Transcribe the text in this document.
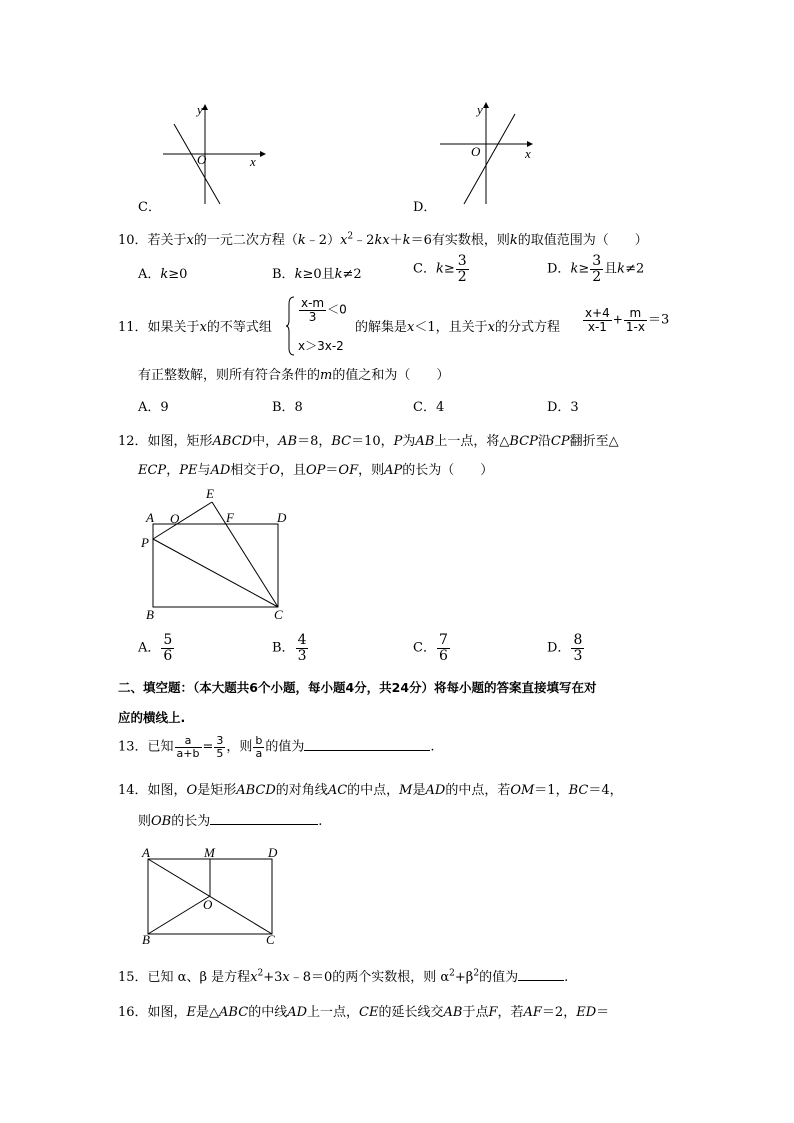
y
x
O
C．
y
x
O
D．
10．若关于x的一元二次方程$(k﹣2)x^2﹣2kx+k=6$有实数根，则k的取值范围为（　　）
A．k≥0	B．k≥0且k≠2	C．$k\ge \frac{3}{2}$	D．$k\ge \frac{3}{2}$ 且k≠2
11．如果关于x的不等式组
$\frac{x-m}{3} <0$
x＞3x-2
的解集是x＜1，且关于x的分式方程 $\frac{x+4}{x-1} + \frac{m}{1-x} =3$
有正整数解，则所有符合条件的m的值之和为（　　）
A．9	B．8	C．4	D．3
12．如图，矩形ABCD中，AB＝8，BC＝10，P为AB上一点，将△BCP沿CP翻折至△
ECP，PE与AD相交于O，且OP＝OF，则AP的长为（　　）
A O
E
F	D
P
B	C
A． $\frac{5}{6}$	B． $\frac{4}{3}$	C． $\frac{7}{6}$	D． $\frac{8}{3}$
二、填空题：（本大题共6个小题，每小题4分，共24分）将每小题的答案直接填写在对
应的横线上.
13．已知 $\frac{a}{a+b} = \frac{3}{5}$ ，则 $\frac{b}{a}$ 的值为	.
14．如图，O是矩形ABCD的对角线AC的中点，M是AD的中点，若OM＝1，BC＝4，
则OB的长为	.
A	M	D
O
B	C
15．已知 α、β 是方程$x^2+3x﹣8=0$的两个实数根，则 $\alpha^2+\beta^2$的值为	.
16．如图，E是△ABC的中线AD上一点，CE的延长线交AB于点F，若AF＝2，ED＝
